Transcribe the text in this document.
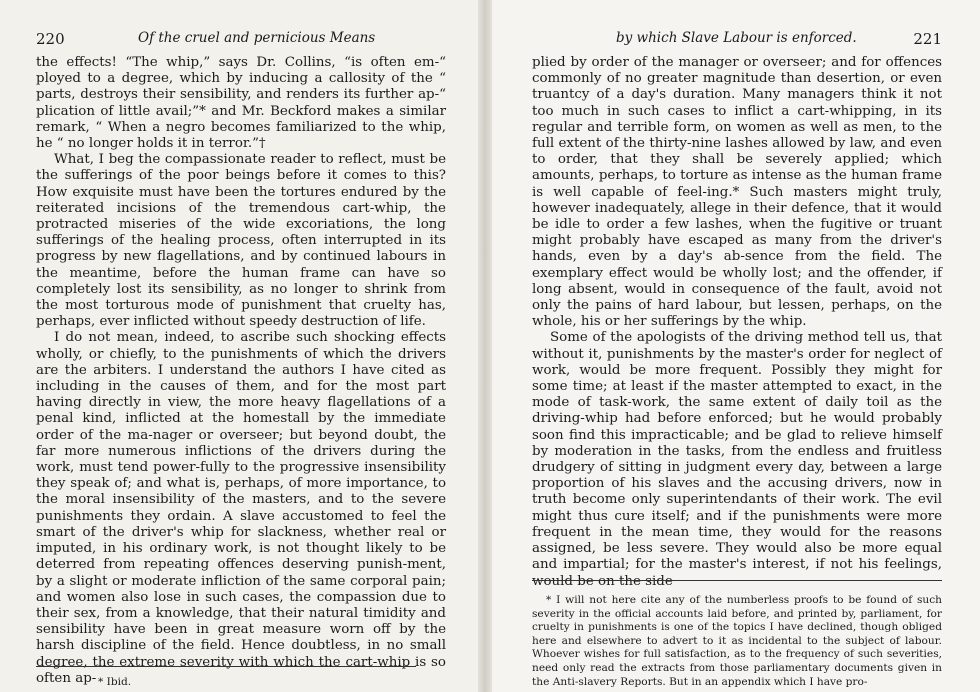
220	Of the cruel and pernicious Means

the effects! “The whip,” says Dr. Collins, “is often em-“ ployed to a degree, which by inducing a callosity of the “ parts, destroys their sensibility, and renders its further ap-“ plication of little avail;”* and Mr. Beckford makes a similar remark, “ When a negro becomes familiarized to the whip, he “ no longer holds it in terror.”†

What, I beg the compassionate reader to reflect, must be the sufferings of the poor beings before it comes to this? How exquisite must have been the tortures endured by the reiterated incisions of the tremendous cart-whip, the protracted miseries of the wide excoriations, the long sufferings of the healing process, often interrupted in its progress by new flagellations, and by continued labours in the meantime, before the human frame can have so completely lost its sensibility, as no longer to shrink from the most torturous mode of punishment that cruelty has, perhaps, ever inflicted without speedy destruction of life.

I do not mean, indeed, to ascribe such shocking effects wholly, or chiefly, to the punishments of which the drivers are the arbiters. I understand the authors I have cited as including in the causes of them, and for the most part having directly in view, the more heavy flagellations of a penal kind, inflicted at the homestall by the immediate order of the ma-nager or overseer; but beyond doubt, the far more numerous inflictions of the drivers during the work, must tend power-fully to the progressive insensibility they speak of; and what is, perhaps, of more importance, to the moral insensibility of the masters, and to the severe punishments they ordain. A slave accustomed to feel the smart of the driver's whip for slackness, whether real or imputed, in his ordinary work, is not thought likely to be deterred from repeating offences deserving punish-ment, by a slight or moderate infliction of the same corporal pain; and women also lose in such cases, the compassion due to their sex, from a knowledge, that their natural timidity and sensibility have been in great measure worn off by the harsh discipline of the field. Hence doubtless, in no small degree, the extreme severity with which the cart-whip is so often ap- * Ibid.

by which Slave Labour is enforced.	221

plied by order of the manager or overseer; and for offences commonly of no greater magnitude than desertion, or even truantcy of a day's duration. Many managers think it not too much in such cases to inflict a cart-whipping, in its regular and terrible form, on women as well as men, to the full extent of the thirty-nine lashes allowed by law, and even to order, that they shall be severely applied; which amounts, perhaps, to torture as intense as the human frame is well capable of feel-ing.* Such masters might truly, however inadequately, allege in their defence, that it would be idle to order a few lashes, when the fugitive or truant might probably have escaped as many from the driver's hands, even by a day's ab-sence from the field. The exemplary effect would be wholly lost; and the offender, if long absent, would in consequence of the fault, avoid not only the pains of hard labour, but lessen, perhaps, on the whole, his or her sufferings by the whip.

Some of the apologists of the driving method tell us, that without it, punishments by the master's order for neglect of work, would be more frequent. Possibly they might for some time; at least if the master attempted to exact, in the mode of task-work, the same extent of daily toil as the driving-whip had before enforced; but he would probably soon find this impracticable; and be glad to relieve himself by moderation in the tasks, from the endless and fruitless drudgery of sitting in judgment every day, between a large proportion of his slaves and the accusing drivers, now in truth become only superintendants of their work. The evil might thus cure itself; and if the punishments were more frequent in the mean time, they would for the reasons assigned, be less severe. They would also be more equal and impartial; for the master's interest, if not his feelings, would be on the side

* I will not here cite any of the numberless proofs to be found of such severity in the official accounts laid before, and printed by, parliament, for cruelty in punishments is one of the topics I have declined, though obliged here and elsewhere to advert to it as incidental to the subject of labour. Whoever wishes for full satisfaction, as to the frequency of such severities, need only read the extracts from those parliamentary documents given in the Anti-slavery Reports. But in an appendix which I have pro-
